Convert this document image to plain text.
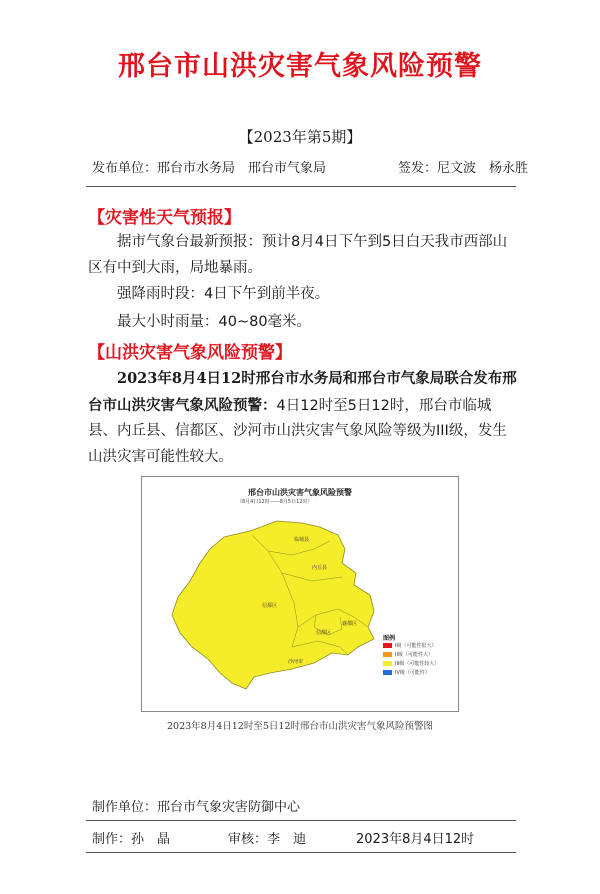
邢台市山洪灾害气象风险预警
【2023年第5期】
发布单位：邢台市水务局　邢台市气象局	签发：尼文波　杨永胜
【灾害性天气预报】
据市气象台最新预报：预计8月4日下午到5日白天我市西部山区有中到大雨，局地暴雨。
强降雨时段：4日下午到前半夜。
最大小时雨量：40~80毫米。
【山洪灾害气象风险预警】
2023年8月4日12时邢台市水务局和邢台市气象局联合发布邢台市山洪灾害气象风险预警：4日12时至5日12时，邢台市临城县、内丘县、信都区、沙河市山洪灾害气象风险等级为III级，发生山洪灾害可能性较大。
邢台市山洪灾害气象风险预警
（8月4日12时——8月5日12时）
临城县
内丘县
信都区
襄都区
信都区
沙河市
图例
I级（可能性很大）
II级（可能性大）
III级（可能性较大）
IV级（可能性）
2023年8月4日12时至5日12时邢台市山洪灾害气象风险预警图
制作单位：邢台市气象灾害防御中心
制作：孙　晶	审核：李　迪	2023年8月4日12时
